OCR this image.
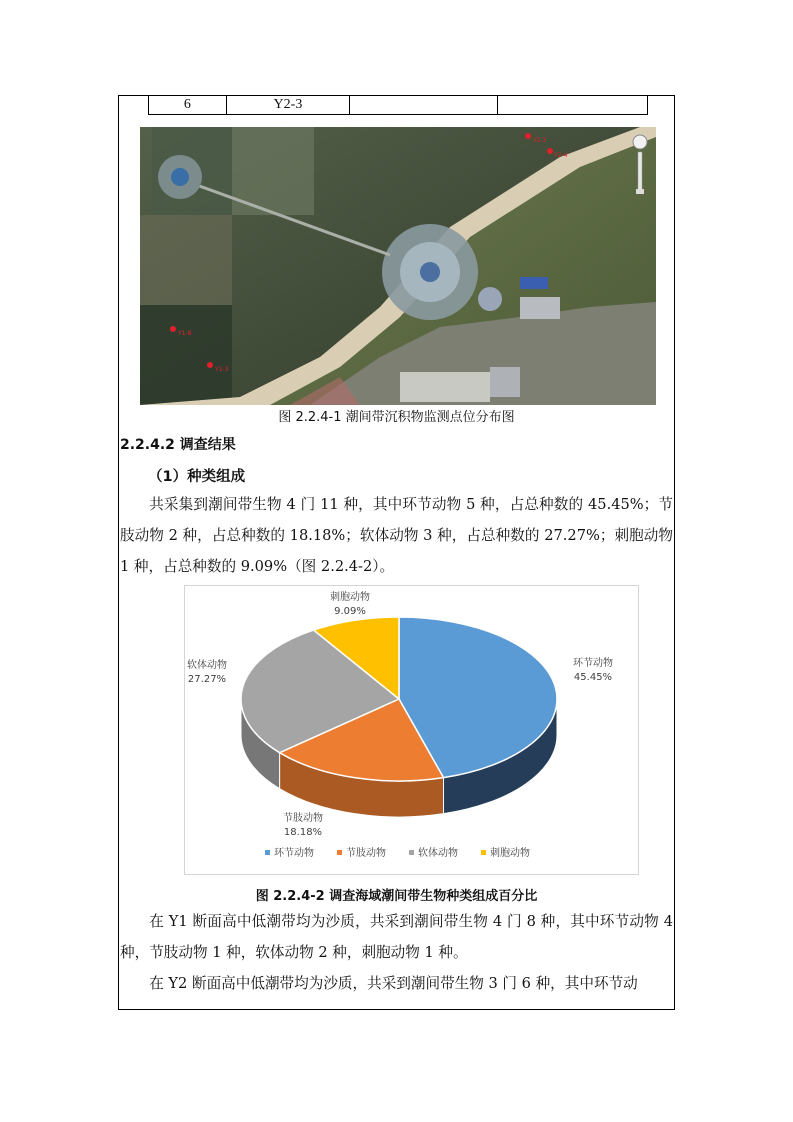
6	Y2-3
Y2-3
Y2-4
Y1-8
Y1-3
图 2.2.4-1 潮间带沉积物监测点位分布图
2.2.4.2 调查结果
（1）种类组成
共采集到潮间带生物 4 门 11 种，其中环节动物 5 种，占总种数的 45.45%；节肢动物 2 种，占总种数的 18.18%；软体动物 3 种，占总种数的 27.27%；刺胞动物 1 种，占总种数的 9.09%（图 2.2.4-2）。
环节动物
45.45%
节肢动物
18.18%
软体动物
27.27%
刺胞动物
9.09%
环节动物	节肢动物	软体动物	刺胞动物
图 2.2.4-2 调查海域潮间带生物种类组成百分比
在 Y1 断面高中低潮带均为沙质，共采到潮间带生物 4 门 8 种，其中环节动物 4 种，节肢动物 1 种，软体动物 2 种，刺胞动物 1 种。
在 Y2 断面高中低潮带均为沙质，共采到潮间带生物 3 门 6 种，其中环节动
